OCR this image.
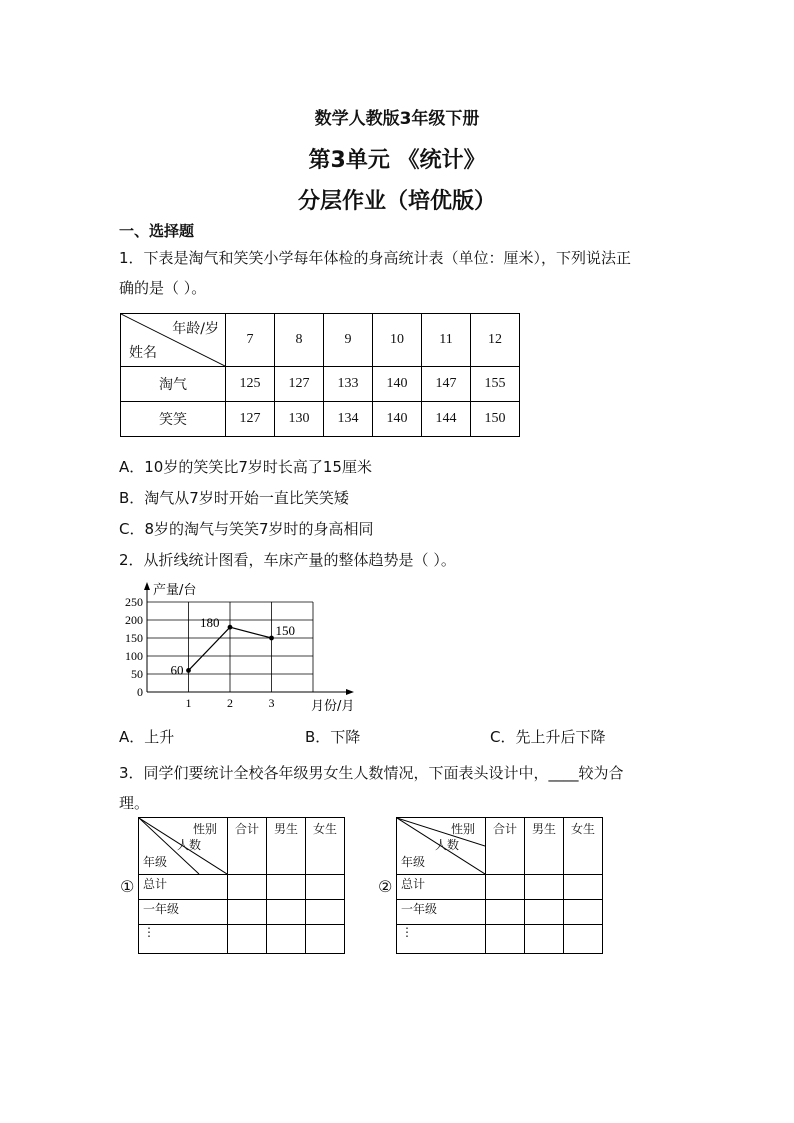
数学人教版3年级下册
第3单元 《统计》
分层作业（培优版）
一、选择题
1．下表是淘气和笑笑小学每年体检的身高统计表（单位：厘米），下列说法正
确的是（ ）。
年龄/岁
姓名	7	8	9	10	11	12
淘气	125	127	133	140	147	155
笑笑	127	130	134	140	144	150
A．10岁的笑笑比7岁时长高了15厘米
B．淘气从7岁时开始一直比笑笑矮
C．8岁的淘气与笑笑7岁时的身高相同
2．从折线统计图看，车床产量的整体趋势是（ ）。
0
50
100
150
200
250
1	2	3
产量/台
月份/月
60
180
150
A．上升	B．下降	C．先上升后下降
3．同学们要统计全校各年级男女生人数情况，下面表头设计中，____较为合
理。
①
性别
人数
年级	合计	男生	女生
总计			
一年级			
⋮			
②
性别
人数
年级	合计	男生	女生
总计			
一年级			
⋮			
